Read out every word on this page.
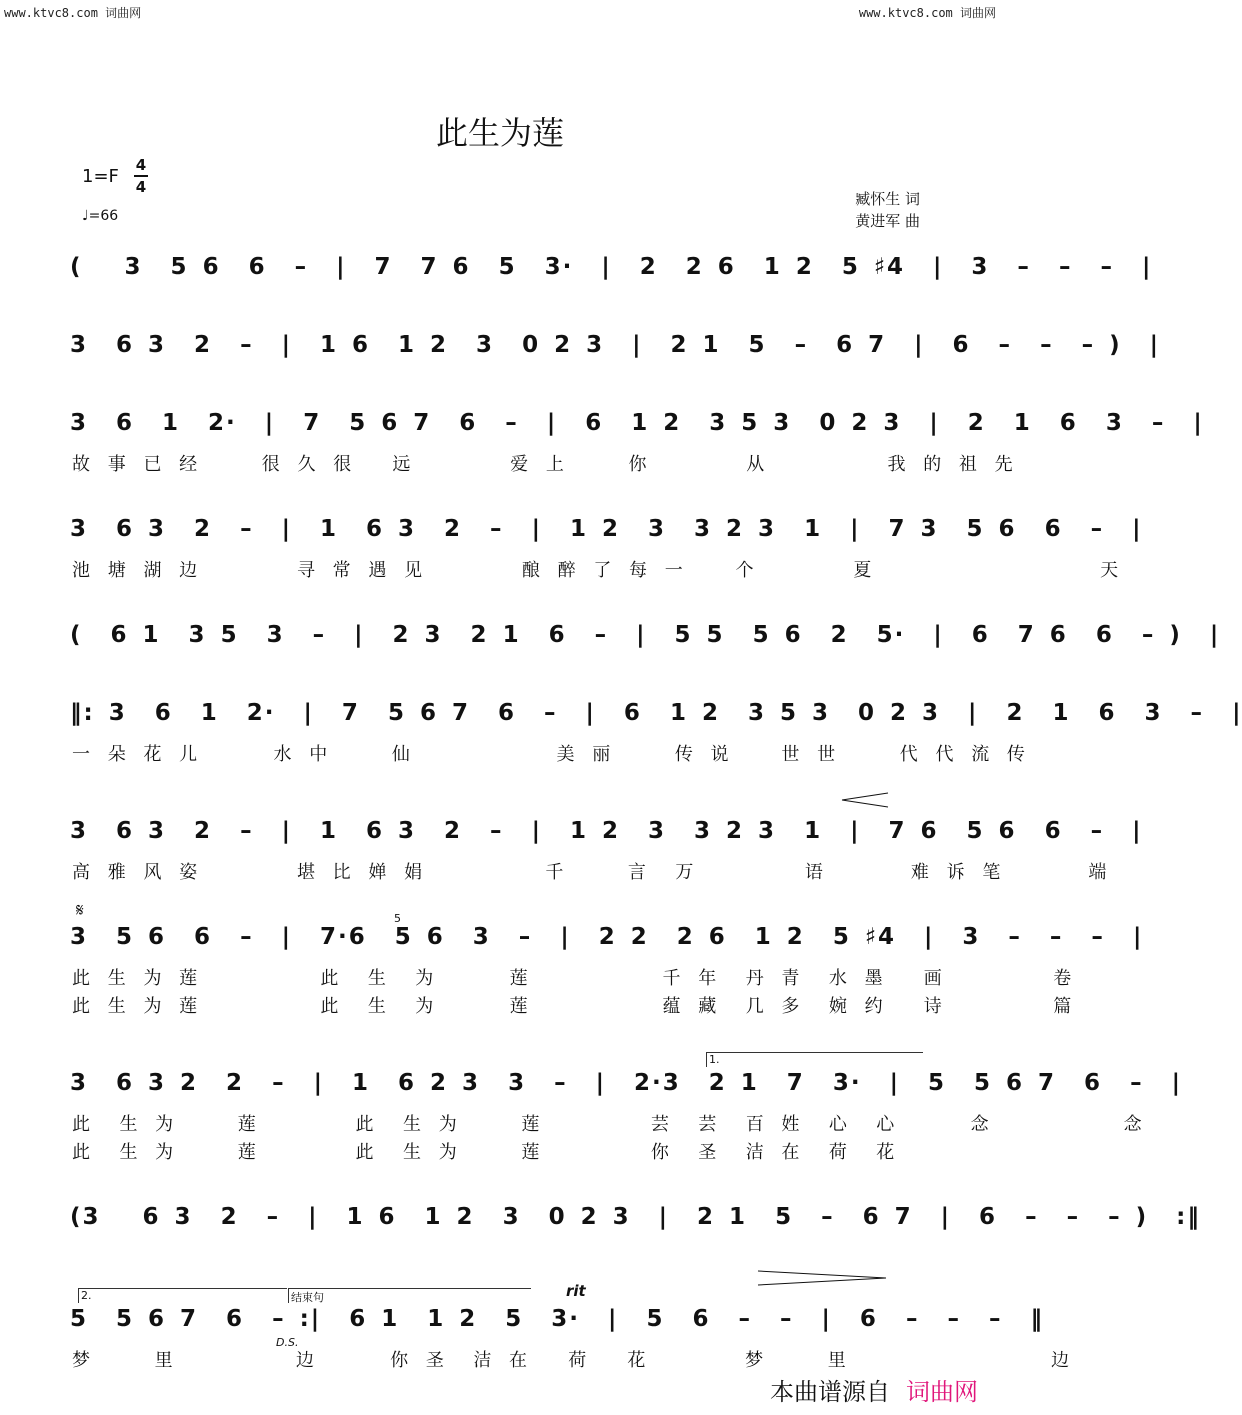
www.ktvc8.com 词曲网	www.ktvc8.com 词曲网
此生为莲
1=F
4
4
♩=66
臧怀生 词
黄进军 曲
(   3  5 6  6  –  |  7  7 6  5  3·  |  2  2 6  1 2  5 ♯4  |  3  –  –  –  |
3  6 3  2  –  |  1 6  1 2  3  0 2 3  |  2 1  5  –  6 7  |  6  –  –  – )  |
3  6  1  2·  |  7  5 6 7  6  –  |  6  1 2  3 5 3  0 2 3  |  2  1  6  3  –  |
故 事 已 经     很 久 很   远        爱 上     你        从          我 的 祖 先
3  6 3  2  –  |  1  6 3  2  –  |  1 2  3  3 2 3  1  |  7 3  5 6  6  –  |
池 塘 湖 边        寻 常 遇 见        酿 醉 了 每 一    个        夏                   天
(  6 1  3 5  3  –  |  2 3  2 1  6  –  |  5 5  5 6  2  5·  |  6  7 6  6  – )  |
‖: 3  6  1  2·  |  7  5 6 7  6  –  |  6  1 2  3 5 3  0 2 3  |  2  1  6  3  –  |
一 朵 花 儿      水 中     仙            美 丽     传 说    世 世     代 代 流 传
3  6 3  2  –  |  1  6 3  2  –  |  1 2  3  3 2 3  1  |  7 6  5 6  6  –  |
高 雅 风 姿        堪 比 婵 娟          千     言  万         语       难 诉 笔       端
𝄋	5
3  5 6  6  –  |  7·6  5 6  3  –  |  2 2  2 6  1 2  5 ♯4  |  3  –  –  –  |
此 生 为 莲          此  生  为      莲           千 年  丹 青  水 墨   画         卷
此 生 为 莲          此  生  为      莲           蕴 藏  几 多  婉 约   诗         篇
1.
3  6 3 2  2  –  |  1  6 2 3  3  –  |  2·3  2 1  7  3·  |  5  5 6 7  6  –  |
此  生 为     莲        此  生 为     莲         芸  芸  百 姓  心  心      念           念
此  生 为     莲        此  生 为     莲         你  圣  洁 在  荷  花
(3   6 3  2  –  |  1 6  1 2  3  0 2 3  |  2 1  5  –  6 7  |  6  –  –  – )  :‖
2.	结束句	rit
5  5 6 7  6  – :|  6 1  1 2  5  3·  |  5  6  –  –  |  6  –  –  –  ‖
D.S.
梦     里          边      你 圣  洁 在   荷   花        梦     里                 边
本曲谱源自 词曲网
